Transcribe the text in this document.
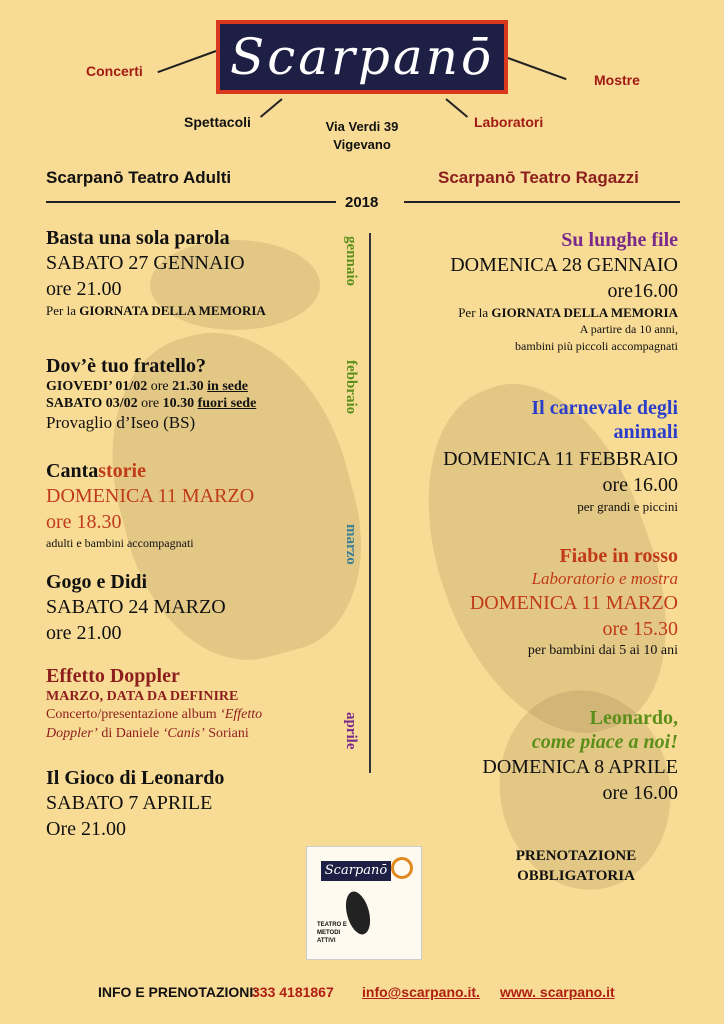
Scarpanō
Concerti
Mostre
Spettacoli	Laboratori
Via Verdi 39
Vigevano
Scarpanō Teatro Adulti	Scarpanō Teatro Ragazzi
2018
gennaio
febbraio
marzo
aprile
Basta una sola parola
SABATO 27 GENNAIO
ore 21.00
Per la GIORNATA DELLA MEMORIA
Dov’è tuo fratello?
GIOVEDI’ 01/02 ore 21.30 in sede
SABATO 03/02 ore 10.30 fuori sede
Provaglio d’Iseo (BS)
Cantastorie
DOMENICA 11 MARZO
ore 18.30
adulti e bambini accompagnati
Gogo e Didi
SABATO 24 MARZO
ore 21.00
Effetto Doppler
MARZO, DATA DA DEFINIRE
Concerto/presentazione album ‘Effetto Doppler’ di Daniele ‘Canis’ Soriani
Il Gioco di Leonardo
SABATO 7 APRILE
Ore 21.00
Su lunghe file
DOMENICA 28 GENNAIO
ore16.00
Per la GIORNATA DELLA MEMORIA
A partire da 10 anni,
bambini più piccoli accompagnati
Il carnevale degli
animali
DOMENICA 11 FEBBRAIO
ore 16.00
per grandi e piccini
Fiabe in rosso
Laboratorio e mostra
DOMENICA 11 MARZO
ore 15.30
per bambini dai 5 ai 10 ani
Leonardo,
come piace a noi!
DOMENICA 8 APRILE
ore 16.00
Scarpanō
TEATRO E METODI ATTIVI
PRENOTAZIONE
OBBLIGATORIA
INFO E PRENOTAZIONI:
333 4181867 info@scarpano.it. www. scarpano.it
